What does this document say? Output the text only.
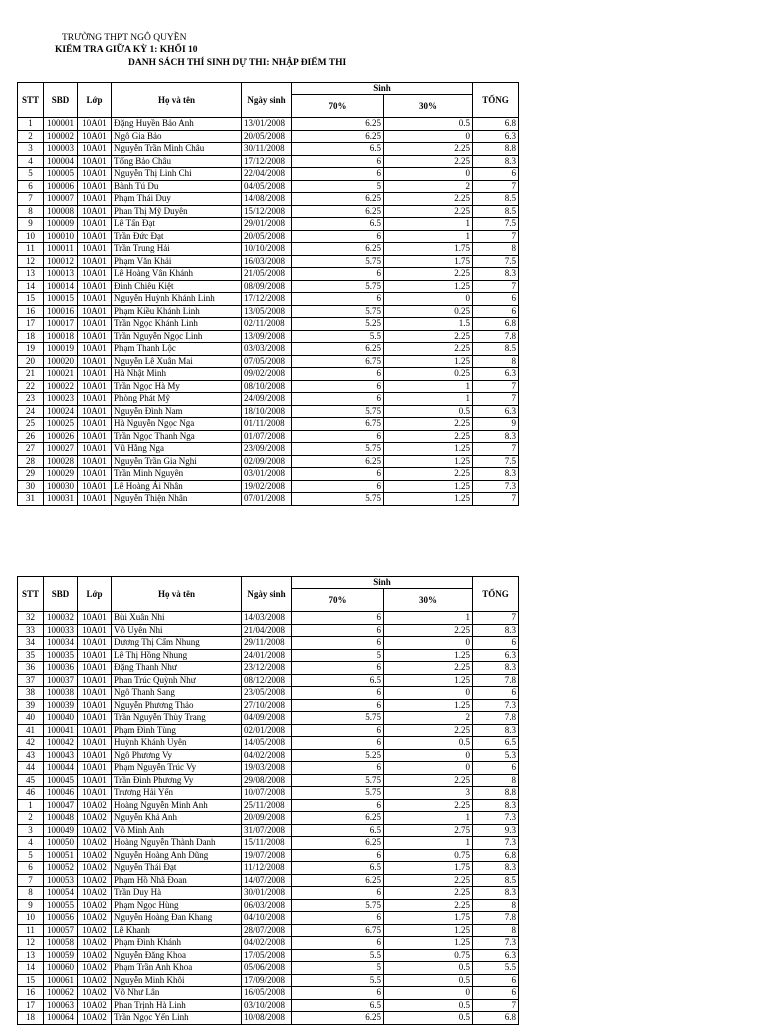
TRƯỜNG THPT NGÔ QUYỀN
KIỂM TRA GIỮA KỲ 1: KHỐI 10
DANH SÁCH THÍ SINH DỰ THI: NHẬP ĐIỂM THI
STT	SBD	Lớp	Họ và tên	Ngày sinh	Sinh		TỔNG
					70%	30%	
1	100001	10A01	Đặng Huyền Bảo Anh	13/01/2008	6.25	0.5	6.8
2	100002	10A01	Ngô Gia Bảo	20/05/2008	6.25	0	6.3
3	100003	10A01	Nguyễn Trần Minh Châu	30/11/2008	6.5	2.25	8.8
4	100004	10A01	Tống Bảo Châu	17/12/2008	6	2.25	8.3
5	100005	10A01	Nguyễn Thị Linh Chi	22/04/2008	6	0	6
6	100006	10A01	Bành Tú Du	04/05/2008	5	2	7
7	100007	10A01	Phạm Thái Duy	14/08/2008	6.25	2.25	8.5
8	100008	10A01	Phan Thị Mỹ Duyên	15/12/2008	6.25	2.25	8.5
9	100009	10A01	Lê Tấn Đạt	29/01/2008	6.5	1	7.5
10	100010	10A01	Trần Đức Đạt	20/05/2008	6	1	7
11	100011	10A01	Trần Trung Hải	10/10/2008	6.25	1.75	8
12	100012	10A01	Phạm Văn Khải	16/03/2008	5.75	1.75	7.5
13	100013	10A01	Lê Hoàng Vân Khánh	21/05/2008	6	2.25	8.3
14	100014	10A01	Đinh Chiêu Kiệt	08/09/2008	5.75	1.25	7
15	100015	10A01	Nguyễn Huỳnh Khánh Linh	17/12/2008	6	0	6
16	100016	10A01	Phạm Kiều Khánh Linh	13/05/2008	5.75	0.25	6
17	100017	10A01	Trần Ngọc Khánh Linh	02/11/2008	5.25	1.5	6.8
18	100018	10A01	Trần Nguyễn Ngọc Linh	13/09/2008	5.5	2.25	7.8
19	100019	10A01	Phạm Thanh Lộc	03/03/2008	6.25	2.25	8.5
20	100020	10A01	Nguyễn Lê Xuân Mai	07/05/2008	6.75	1.25	8
21	100021	10A01	Hà Nhật Minh	09/02/2008	6	0.25	6.3
22	100022	10A01	Trần Ngọc Hà My	08/10/2008	6	1	7
23	100023	10A01	Phòng Phát Mỹ	24/09/2008	6	1	7
24	100024	10A01	Nguyễn Đình Nam	18/10/2008	5.75	0.5	6.3
25	100025	10A01	Hà Nguyễn Ngọc Nga	01/11/2008	6.75	2.25	9
26	100026	10A01	Trần Ngọc Thanh Nga	01/07/2008	6	2.25	8.3
27	100027	10A01	Vũ Hằng Nga	23/09/2008	5.75	1.25	7
28	100028	10A01	Nguyễn Trần Gia Nghi	02/09/2008	6.25	1.25	7.5
29	100029	10A01	Trần Minh Nguyên	03/01/2008	6	2.25	8.3
30	100030	10A01	Lê Hoàng Ái Nhân	19/02/2008	6	1.25	7.3
31	100031	10A01	Nguyễn Thiện Nhân	07/01/2008	5.75	1.25	7
STT	SBD	Lớp	Họ và tên	Ngày sinh	Sinh		TỔNG
					70%	30%	
32	100032	10A01	Bùi Xuân Nhi	14/03/2008	6	1	7
33	100033	10A01	Võ Uyên Nhi	21/04/2008	6	2.25	8.3
34	100034	10A01	Dương Thị Cẩm Nhung	29/11/2008	6	0	6
35	100035	10A01	Lê Thị Hồng Nhung	24/01/2008	5	1.25	6.3
36	100036	10A01	Đặng Thanh Như	23/12/2008	6	2.25	8.3
37	100037	10A01	Phan Trúc Quỳnh Như	08/12/2008	6.5	1.25	7.8
38	100038	10A01	Ngô Thanh Sang	23/05/2008	6	0	6
39	100039	10A01	Nguyễn Phương Thảo	27/10/2008	6	1.25	7.3
40	100040	10A01	Trần Nguyễn Thùy Trang	04/09/2008	5.75	2	7.8
41	100041	10A01	Phạm Đình Tùng	02/01/2008	6	2.25	8.3
42	100042	10A01	Huỳnh Khánh Uyên	14/05/2008	6	0.5	6.5
43	100043	10A01	Ngô Phương Vy	04/02/2008	5.25	0	5.3
44	100044	10A01	Phạm Nguyễn Trúc Vy	19/03/2008	6	0	6
45	100045	10A01	Trần Đình Phương Vy	29/08/2008	5.75	2.25	8
46	100046	10A01	Trương Hải Yến	10/07/2008	5.75	3	8.8
1	100047	10A02	Hoàng Nguyễn Minh Anh	25/11/2008	6	2.25	8.3
2	100048	10A02	Nguyễn Khả Anh	20/09/2008	6.25	1	7.3
3	100049	10A02	Võ Minh Anh	31/07/2008	6.5	2.75	9.3
4	100050	10A02	Hoàng Nguyễn Thành Danh	15/11/2008	6.25	1	7.3
5	100051	10A02	Nguyễn Hoàng Anh Dũng	19/07/2008	6	0.75	6.8
6	100052	10A02	Nguyễn Thái Đạt	11/12/2008	6.5	1.75	8.3
7	100053	10A02	Phạm Hồ Nhã Đoan	14/07/2008	6.25	2.25	8.5
8	100054	10A02	Trần Duy Hà	30/01/2008	6	2.25	8.3
9	100055	10A02	Phạm Ngọc Hùng	06/03/2008	5.75	2.25	8
10	100056	10A02	Nguyễn Hoàng Đan Khang	04/10/2008	6	1.75	7.8
11	100057	10A02	Lê Khanh	28/07/2008	6.75	1.25	8
12	100058	10A02	Phạm Đình Khánh	04/02/2008	6	1.25	7.3
13	100059	10A02	Nguyễn Đăng Khoa	17/05/2008	5.5	0.75	6.3
14	100060	10A02	Phạm Trần Anh Khoa	05/06/2008	5	0.5	5.5
15	100061	10A02	Nguyễn Minh Khôi	17/09/2008	5.5	0.5	6
16	100062	10A02	Võ Như Lân	16/05/2008	6	0	6
17	100063	10A02	Phan Trịnh Hà Linh	03/10/2008	6.5	0.5	7
18	100064	10A02	Trần Ngọc Yến Linh	10/08/2008	6.25	0.5	6.8
